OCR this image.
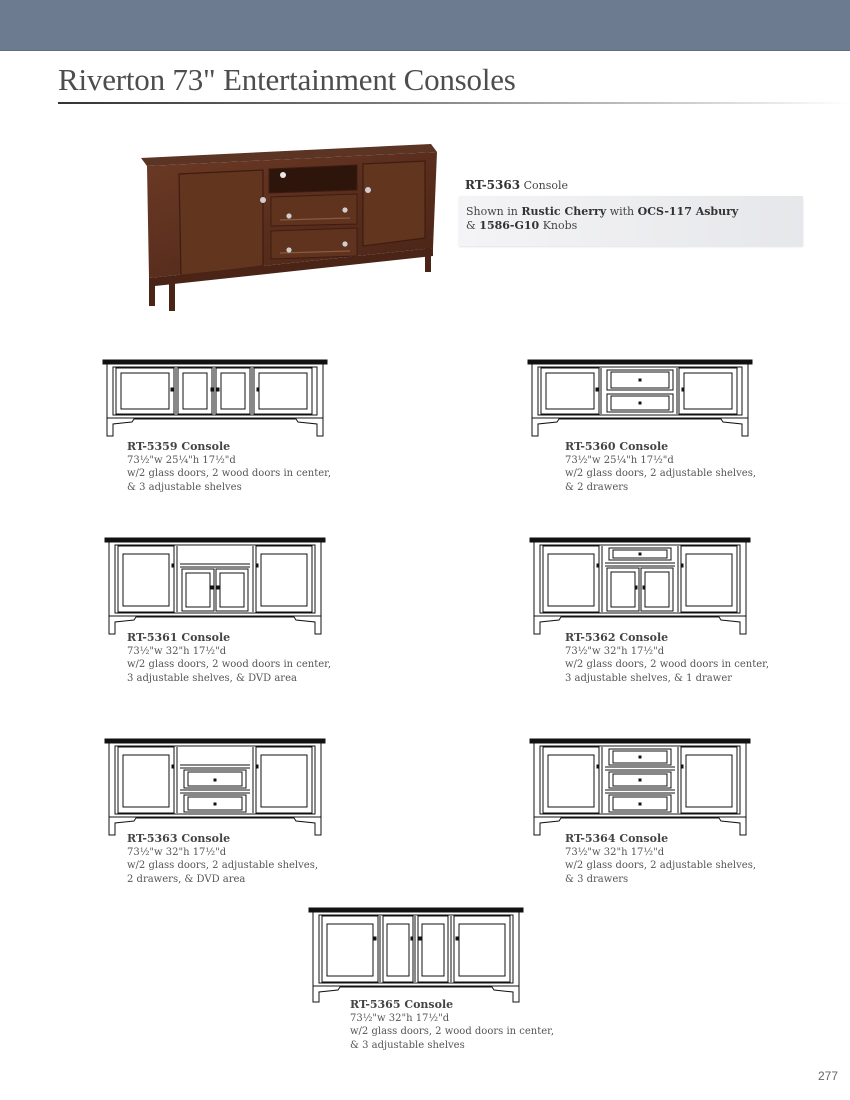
Riverton 73" Entertainment Consoles
RT-5363 Console
Shown in Rustic Cherry with OCS-117 Asbury
& 1586-G10 Knobs
RT-5359 Console
73½"w 25¼"h 17½"d
w/2 glass doors, 2 wood doors in center,
& 3 adjustable shelves
RT-5360 Console
73½"w 25¼"h 17½"d
w/2 glass doors, 2 adjustable shelves,
& 2 drawers
RT-5361 Console
73½"w 32"h 17½"d
w/2 glass doors, 2 wood doors in center,
3 adjustable shelves, & DVD area
RT-5362 Console
73½"w 32"h 17½"d
w/2 glass doors, 2 wood doors in center,
3 adjustable shelves, & 1 drawer
RT-5363 Console
73½"w 32"h 17½"d
w/2 glass doors, 2 adjustable shelves,
2 drawers, & DVD area
RT-5364 Console
73½"w 32"h 17½"d
w/2 glass doors, 2 adjustable shelves,
& 3 drawers
RT-5365 Console
73½"w 32"h 17½"d
w/2 glass doors, 2 wood doors in center,
& 3 adjustable shelves
277
